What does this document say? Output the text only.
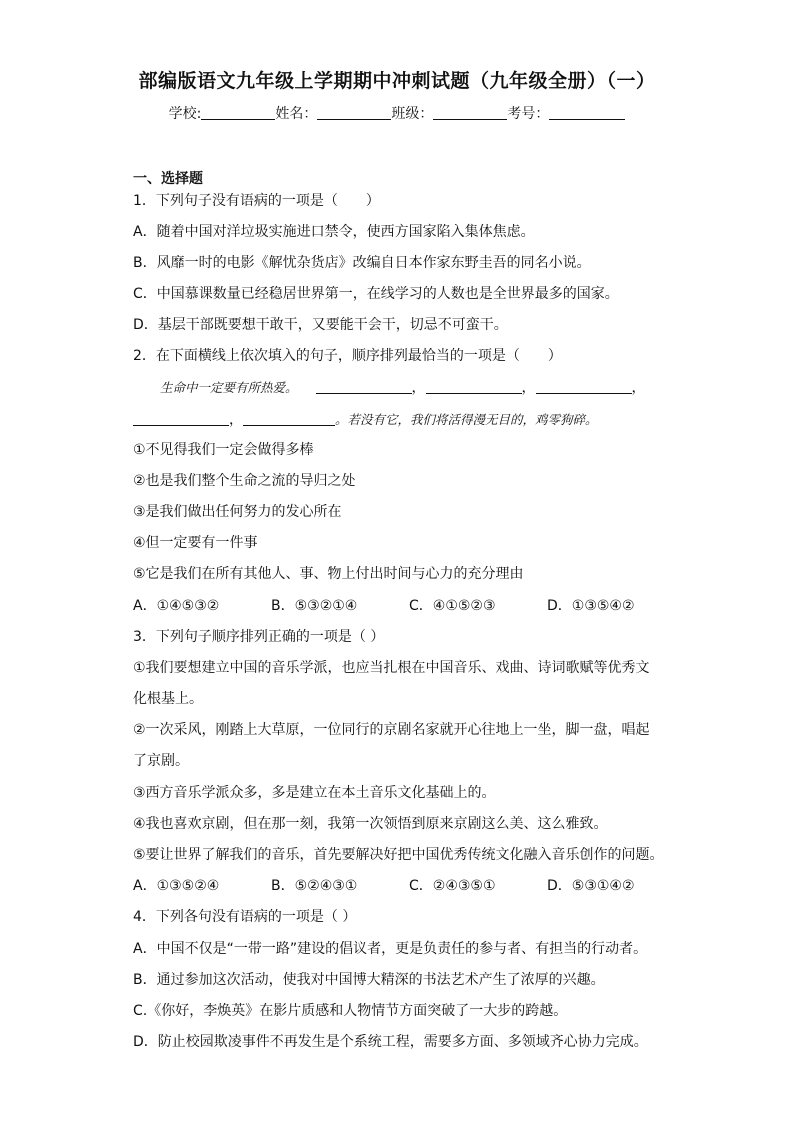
部编版语文九年级上学期期中冲刺试题（九年级全册）（一）
学校:	姓名：	班级：	考号：
一、选择题
1．下列句子没有语病的一项是（　　）
A．随着中国对洋垃圾实施进口禁令，使西方国家陷入集体焦虑。
B．风靡一时的电影《解忧杂货店》改编自日本作家东野圭吾的同名小说。
C．中国慕课数量已经稳居世界第一，在线学习的人数也是全世界最多的国家。
D．基层干部既要想干敢干，又要能干会干，切忌不可蛮干。
2．在下面横线上依次填入的句子，顺序排列最恰当的一项是（　　）
生命中一定要有所热爱。	，	，	，
，	。若没有它，我们将活得漫无目的，鸡零狗碎。
①不见得我们一定会做得多棒
②也是我们整个生命之流的导归之处
③是我们做出任何努力的发心所在
④但一定要有一件事
⑤它是我们在所有其他人、事、物上付出时间与心力的充分理由
A．①④⑤③②	B．⑤③②①④	C．④①⑤②③	D．①③⑤④②
3．下列句子顺序排列正确的一项是（ ）
①我们要想建立中国的音乐学派，也应当扎根在中国音乐、戏曲、诗词歌赋等优秀文
化根基上。
②一次采风，刚踏上大草原，一位同行的京剧名家就开心往地上一坐，脚一盘，唱起
了京剧。
③西方音乐学派众多，多是建立在本土音乐文化基础上的。
④我也喜欢京剧，但在那一刻，我第一次领悟到原来京剧这么美、这么雅致。
⑤要让世界了解我们的音乐，首先要解决好把中国优秀传统文化融入音乐创作的问题。
A．①③⑤②④	B．⑤②④③①	C．②④③⑤①	D．⑤③①④②
4．下列各句没有语病的一项是（ ）
A．中国不仅是“一带一路”建设的倡议者，更是负责任的参与者、有担当的行动者。
B．通过参加这次活动，使我对中国博大精深的书法艺术产生了浓厚的兴趣。
C.《你好，李焕英》在影片质感和人物情节方面突破了一大步的跨越。
D．防止校园欺凌事件不再发生是个系统工程，需要多方面、多领域齐心协力完成。
